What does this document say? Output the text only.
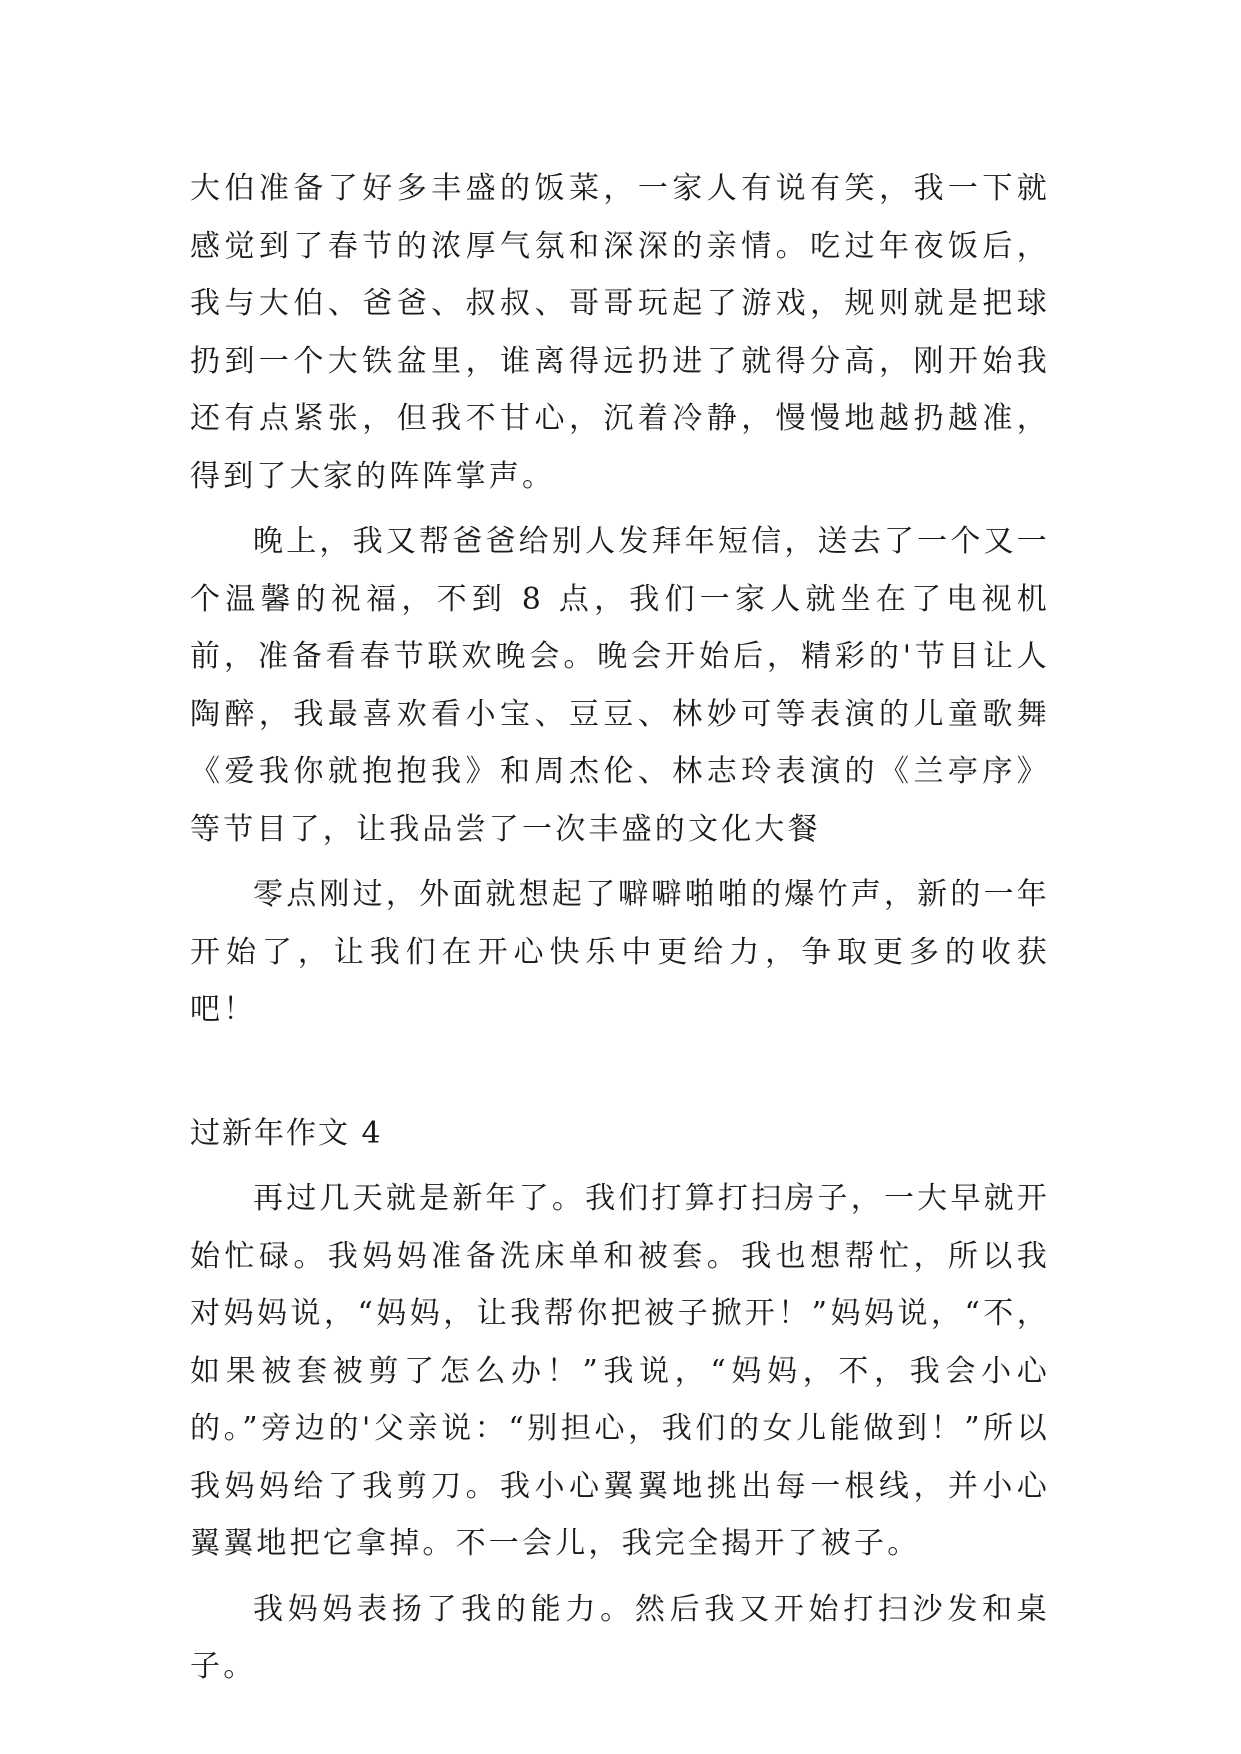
大伯准备了好多丰盛的饭菜，一家人有说有笑，我一下就感觉到了春节的浓厚气氛和深深的亲情。吃过年夜饭后，我与大伯、爸爸、叔叔、哥哥玩起了游戏，规则就是把球扔到一个大铁盆里，谁离得远扔进了就得分高，刚开始我还有点紧张，但我不甘心，沉着冷静，慢慢地越扔越准，得到了大家的阵阵掌声。

晚上，我又帮爸爸给别人发拜年短信，送去了一个又一个温馨的祝福，不到 8 点，我们一家人就坐在了电视机前，准备看春节联欢晚会。晚会开始后，精彩的'节目让人陶醉，我最喜欢看小宝、豆豆、林妙可等表演的儿童歌舞《爱我你就抱抱我》和周杰伦、林志玲表演的《兰亭序》等节目了，让我品尝了一次丰盛的文化大餐

零点刚过，外面就想起了噼噼啪啪的爆竹声，新的一年开始了，让我们在开心快乐中更给力，争取更多的收获吧！

过新年作文 4

再过几天就是新年了。我们打算打扫房子，一大早就开始忙碌。我妈妈准备洗床单和被套。我也想帮忙，所以我对妈妈说，“妈妈，让我帮你把被子掀开！”妈妈说，“不，如果被套被剪了怎么办！”我说，“妈妈，不，我会小心的。”旁边的'父亲说：“别担心，我们的女儿能做到！”所以我妈妈给了我剪刀。我小心翼翼地挑出每一根线，并小心翼翼地把它拿掉。不一会儿，我完全揭开了被子。

我妈妈表扬了我的能力。然后我又开始打扫沙发和桌子。
